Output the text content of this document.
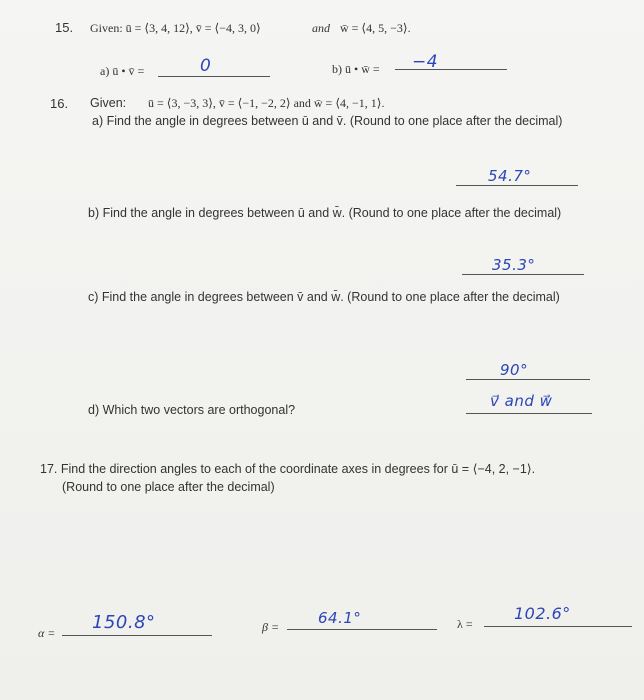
15. Given: ū = ⟨3, 4, 12⟩, v̄ = ⟨−4, 3, 0⟩	and w̄ = ⟨4, 5, −3⟩.
a) ū • v̄ =	0	b) ū • w̄ = −4
16. Given: ū = ⟨3, −3, 3⟩, v̄ = ⟨−1, −2, 2⟩ and w̄ = ⟨4, −1, 1⟩.
a) Find the angle in degrees between ū and v̄. (Round to one place after the decimal)
54.7°
b) Find the angle in degrees between ū and w̄. (Round to one place after the decimal)
35.3°
c) Find the angle in degrees between v̄ and w̄. (Round to one place after the decimal)
90°
d) Which two vectors are orthogonal?	v⃗ and w⃗
17. Find the direction angles to each of the coordinate axes in degrees for ū = ⟨−4, 2, −1⟩.
(Round to one place after the decimal)
α = 150.8°	β =	64.1°	λ =
102.6°
